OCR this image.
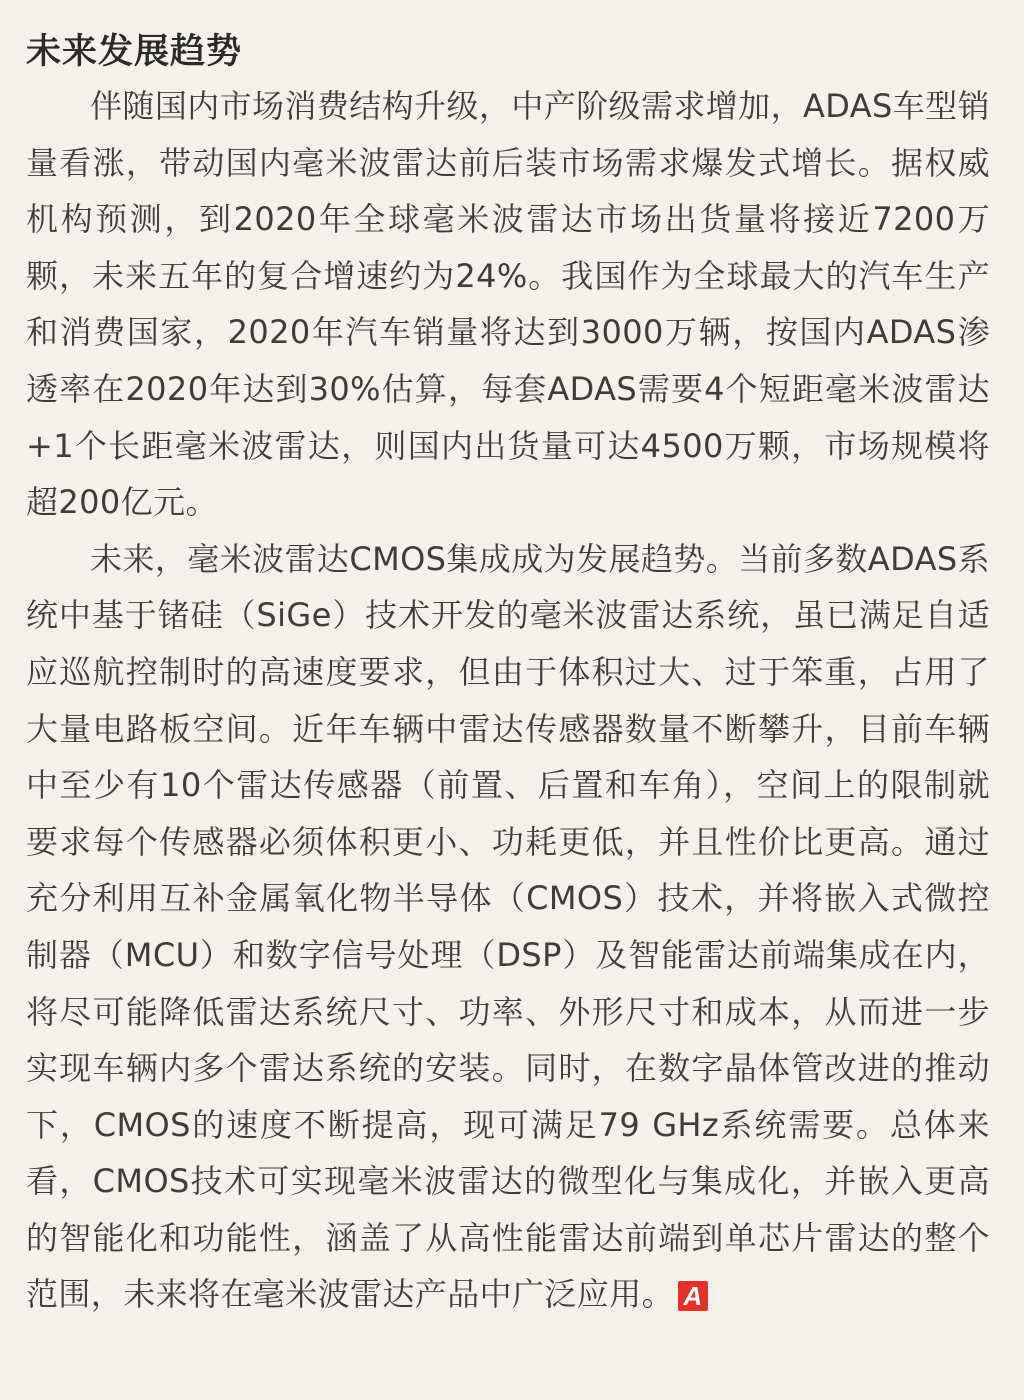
未来发展趋势

伴随国内市场消费结构升级，中产阶级需求增加，ADAS车型销量看涨，带动国内毫米波雷达前后装市场需求爆发式增长。据权威机构预测，到2020年全球毫米波雷达市场出货量将接近7200万颗，未来五年的复合增速约为24%。我国作为全球最大的汽车生产和消费国家，2020年汽车销量将达到3000万辆，按国内ADAS渗透率在2020年达到30%估算，每套ADAS需要4个短距毫米波雷达+1个长距毫米波雷达，则国内出货量可达4500万颗，市场规模将超200亿元。

未来，毫米波雷达CMOS集成成为发展趋势。当前多数ADAS系统中基于锗硅（SiGe）技术开发的毫米波雷达系统，虽已满足自适应巡航控制时的高速度要求，但由于体积过大、过于笨重，占用了大量电路板空间。近年车辆中雷达传感器数量不断攀升，目前车辆中至少有10个雷达传感器（前置、后置和车角），空间上的限制就要求每个传感器必须体积更小、功耗更低，并且性价比更高。通过充分利用互补金属氧化物半导体（CMOS）技术，并将嵌入式微控制器（MCU）和数字信号处理（DSP）及智能雷达前端集成在内，将尽可能降低雷达系统尺寸、功率、外形尺寸和成本，从而进一步实现车辆内多个雷达系统的安装。同时，在数字晶体管改进的推动下，CMOS的速度不断提高，现可满足79 GHz系统需要。总体来看，CMOS技术可实现毫米波雷达的微型化与集成化，并嵌入更高的智能化和功能性，涵盖了从高性能雷达前端到单芯片雷达的整个范围，未来将在毫米波雷达产品中广泛应用。 A
